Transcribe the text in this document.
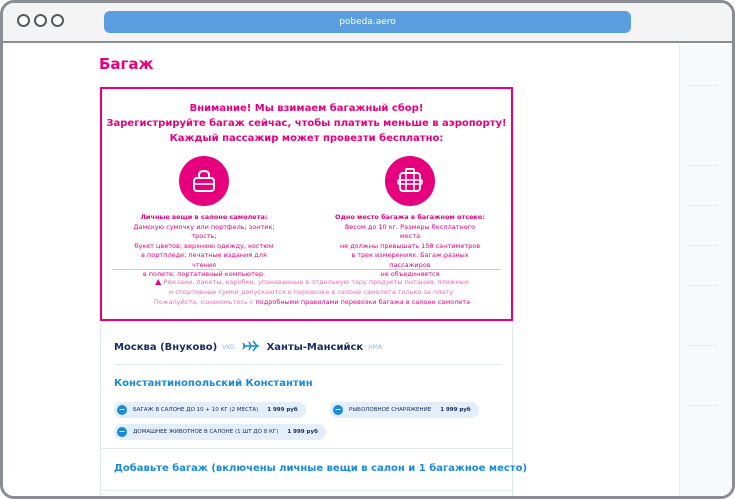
pobeda.aero
Багаж
Внимание! Мы взимаем багажный сбор!
Зарегистрируйте багаж сейчас, чтобы платить меньше в аэропорту!
Каждый пассажир может провезти бесплатно:
Личные вещи в салоне самолета:
Дамскую сумочку или портфель; зонтик; трость;
букет цветов; верхнюю одежду, костюм
в портпледе; печатные издания для чтения
в полете; портативный компьютер.
Одно место багажа в багажном отсеке:
Весом до 10 кг. Размеры бесплатного места
не должны превышать 158 сантиметров
в трех измерениях. Багаж разных пассажиров
не объединяется
▲ Рюкзаки, пакеты, коробки, упакованные в отдельную тару продукты питания, пляжные
и спортивные сумки допускаются к перевозке в салоне самолета только за плату.
Пожалуйста, ознакомьтесь с подробными правилами перевозки багажа в салоне самолета
Москва (Внуково) VKO	Ханты-Мансийск HMA
Константинопольский Константин
−	БАГАЖ В САЛОНЕ ДО 10 + 10 КГ (2 МЕСТА) 1 999 руб	−	РЫБОЛОВНОЕ СНАРЯЖЕНИЕ 1 999 руб
−	ДОМАШНЕЕ ЖИВОТНОЕ В САЛОНЕ (1 ШТ ДО 8 КГ) 1 999 руб
Добавьте багаж (включены личные вещи в салон и 1 багажное место)
